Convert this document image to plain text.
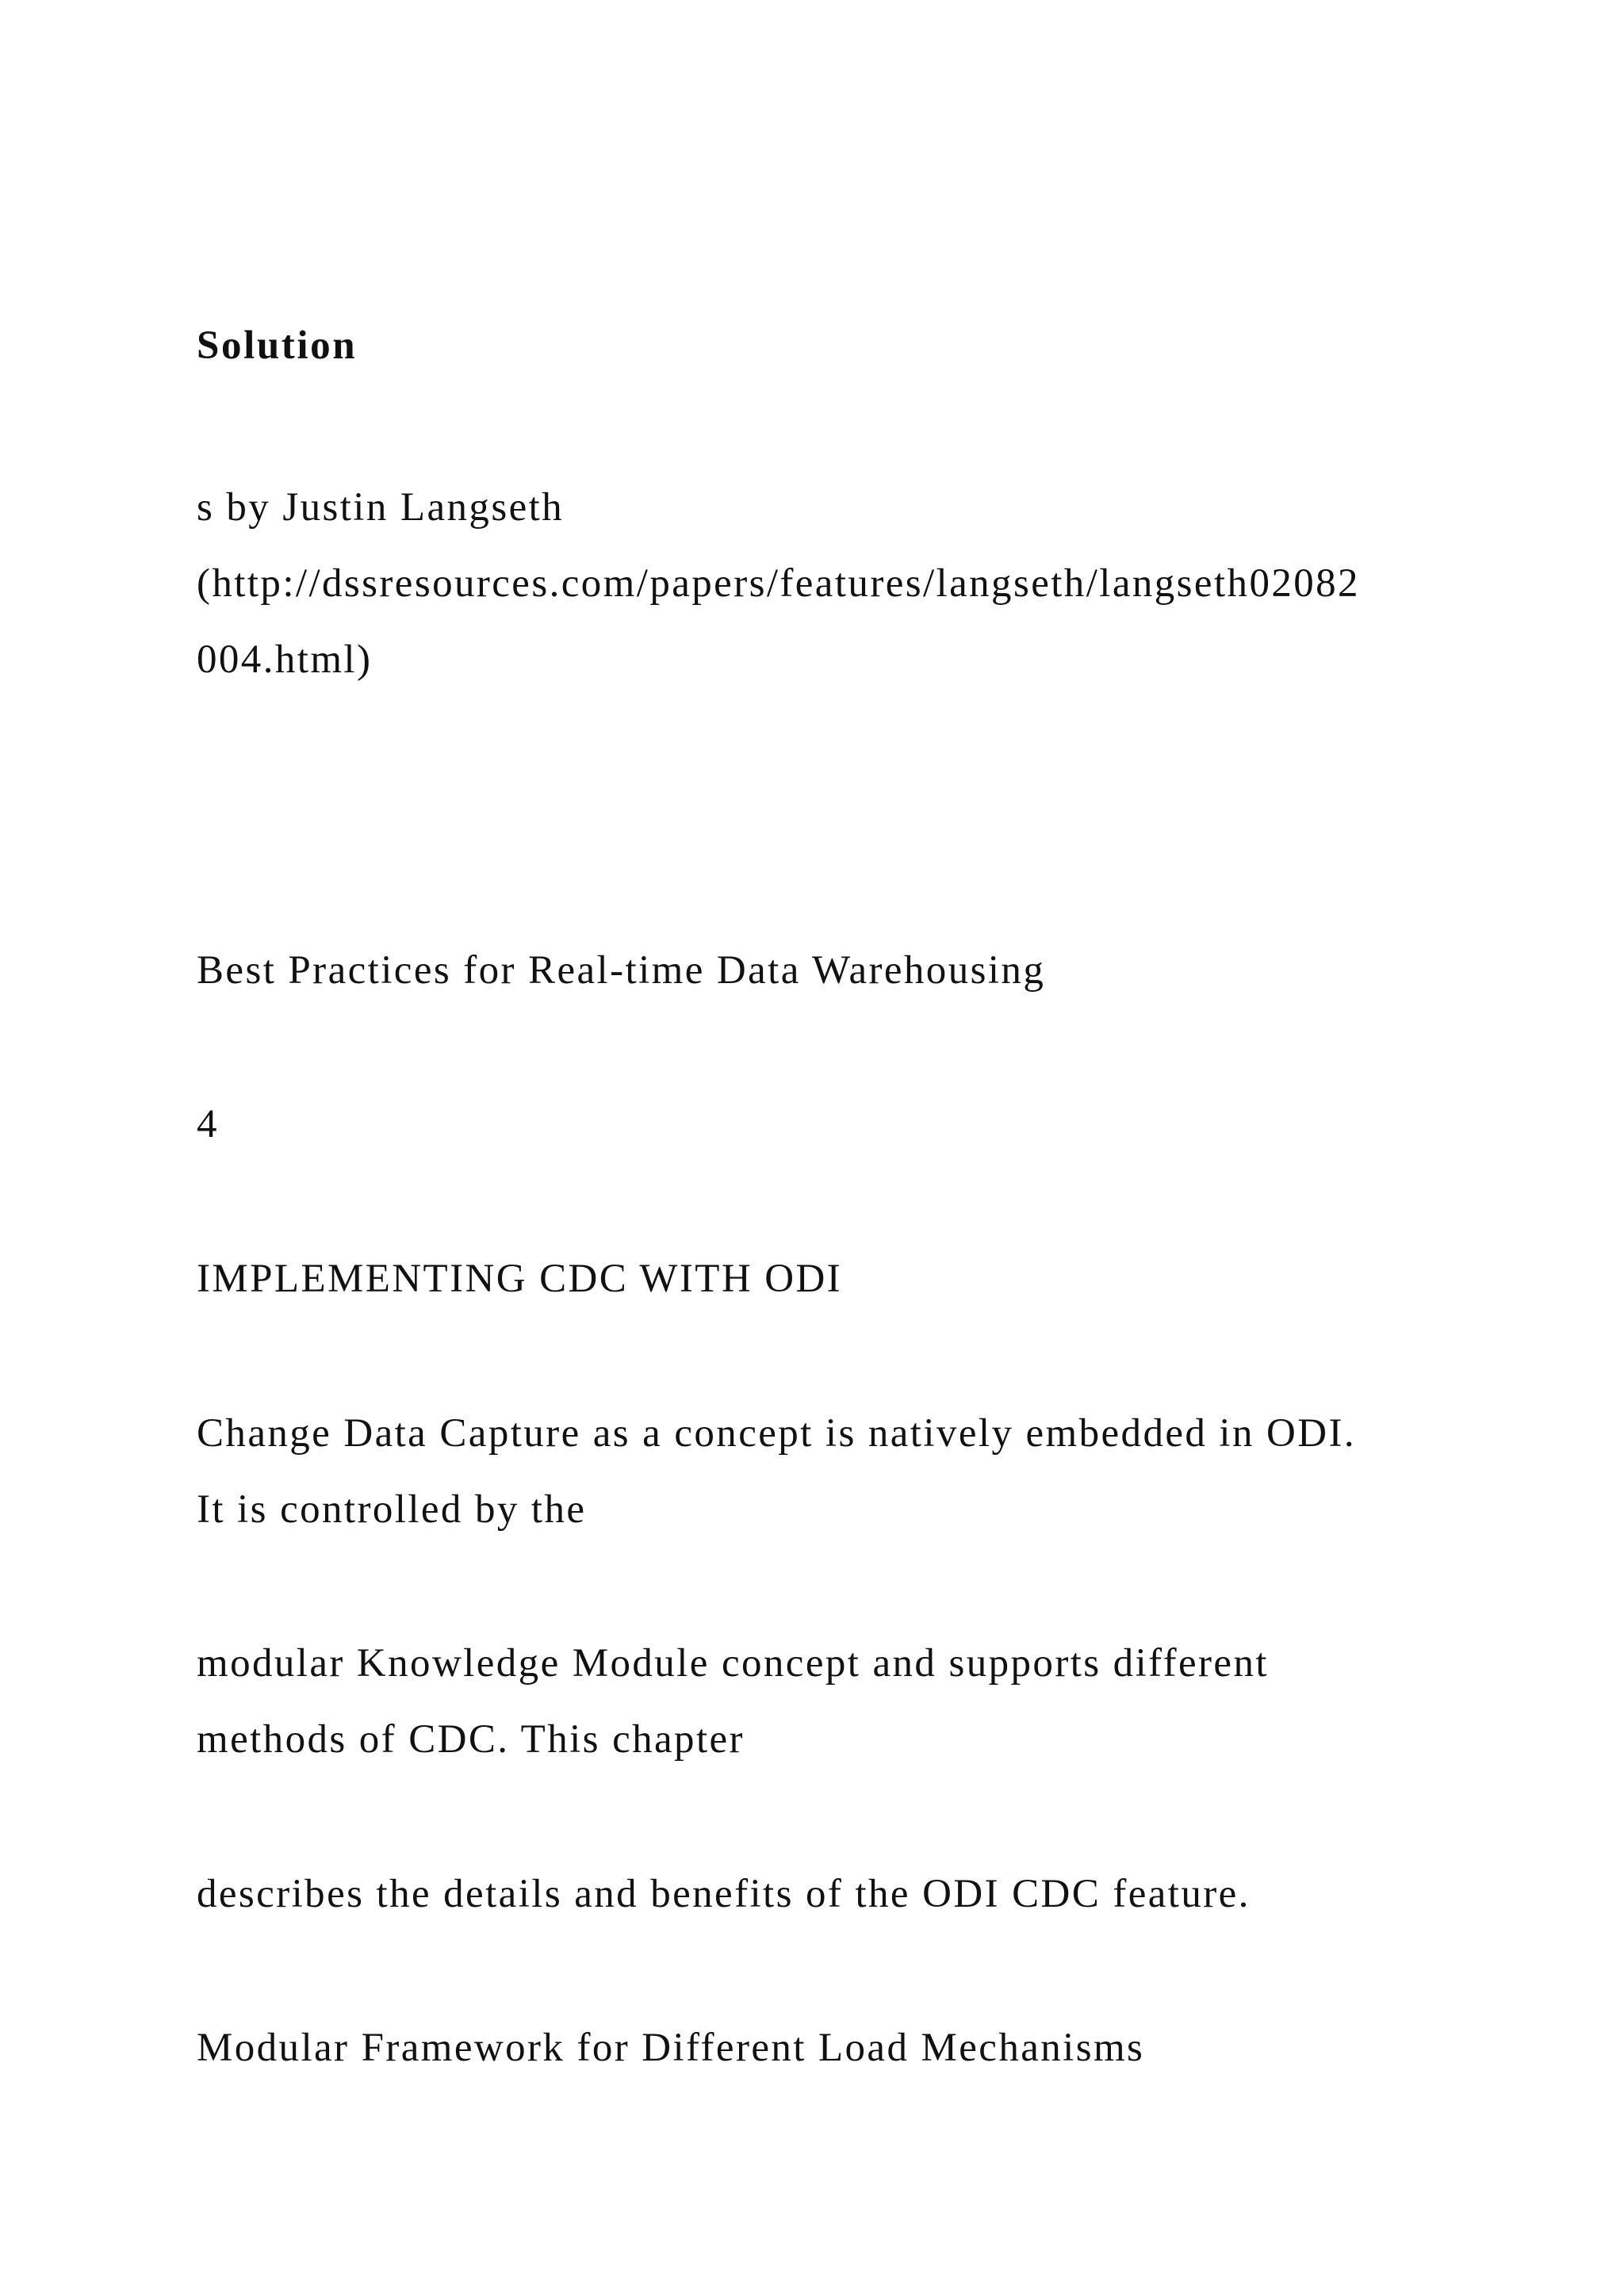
Solution

s by Justin Langseth

(http://dssresources.com/papers/features/langseth/langseth02082

004.html)

Best Practices for Real-time Data Warehousing

4

IMPLEMENTING CDC WITH ODI

Change Data Capture as a concept is natively embedded in ODI.

It is controlled by the

modular Knowledge Module concept and supports different

methods of CDC. This chapter

describes the details and benefits of the ODI CDC feature.

Modular Framework for Different Load Mechanisms
